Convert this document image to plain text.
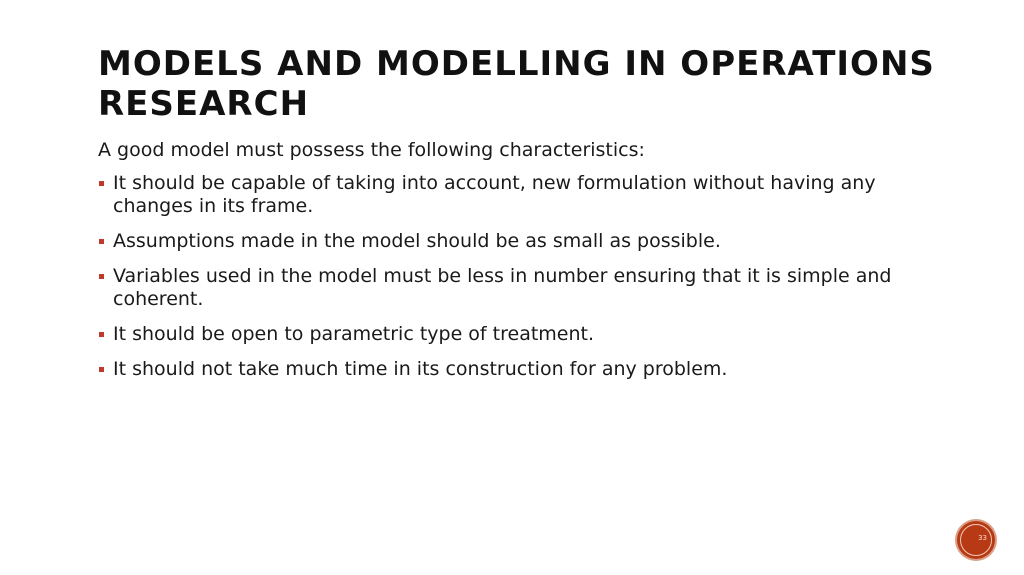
MODELS AND MODELLING IN OPERATIONS RESEARCH

A good model must possess the following characteristics:

It should be capable of taking into account, new formulation without having any changes in its frame.
Assumptions made in the model should be as small as possible.
Variables used in the model must be less in number ensuring that it is simple and coherent.
It should be open to parametric type of treatment.
It should not take much time in its construction for any problem.
33
